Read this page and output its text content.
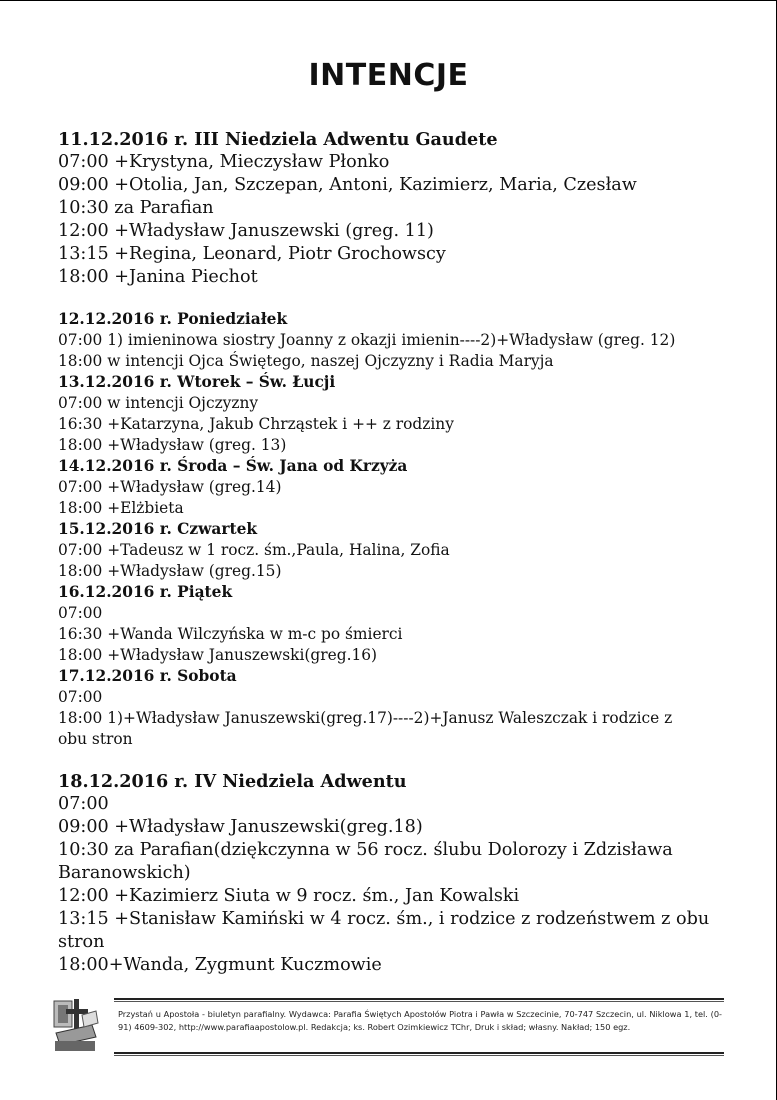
INTENCJE
11.12.2016 r. III Niedziela Adwentu Gaudete
07:00 +Krystyna, Mieczysław Płonko
09:00 +Otolia, Jan, Szczepan, Antoni, Kazimierz, Maria, Czesław
10:30 za Parafian
12:00 +Władysław Januszewski (greg. 11)
13:15 +Regina, Leonard, Piotr Grochowscy
18:00 +Janina Piechot
12.12.2016 r. Poniedziałek
07:00 1) imieninowa siostry Joanny z okazji imienin----2)+Władysław (greg. 12)
18:00 w intencji Ojca Świętego, naszej Ojczyzny i Radia Maryja
13.12.2016 r. Wtorek – Św. Łucji
07:00 w intencji Ojczyzny
16:30 +Katarzyna, Jakub Chrząstek i ++ z rodziny
18:00 +Władysław (greg. 13)
14.12.2016 r. Środa – Św. Jana od Krzyża
07:00 +Władysław (greg.14)
18:00 +Elżbieta
15.12.2016 r. Czwartek
07:00 +Tadeusz w 1 rocz. śm.,Paula, Halina, Zofia
18:00 +Władysław (greg.15)
16.12.2016 r. Piątek
07:00
16:30 +Wanda Wilczyńska w m-c po śmierci
18:00 +Władysław Januszewski(greg.16)
17.12.2016 r. Sobota
07:00
18:00 1)+Władysław Januszewski(greg.17)----2)+Janusz Waleszczak i rodzice z
obu stron
18.12.2016 r. IV Niedziela Adwentu
07:00
09:00 +Władysław Januszewski(greg.18)
10:30 za Parafian(dziękczynna w 56 rocz. ślubu Dolorozy i Zdzisława
Baranowskich)
12:00 +Kazimierz Siuta w 9 rocz. śm., Jan Kowalski
13:15 +Stanisław Kamiński w 4 rocz. śm., i rodzice z rodzeństwem z obu
stron
18:00+Wanda, Zygmunt Kuczmowie
Przystań u Apostoła - biuletyn parafialny. Wydawca: Parafia Świętych Apostołów Piotra i Pawła w Szczecinie, 70-747 Szczecin, ul. Niklowa 1, tel. (0-91) 4609-302, http://www.parafiaapostolow.pl. Redakcja; ks. Robert Ozimkiewicz TChr, Druk i skład; własny. Nakład; 150 egz.
